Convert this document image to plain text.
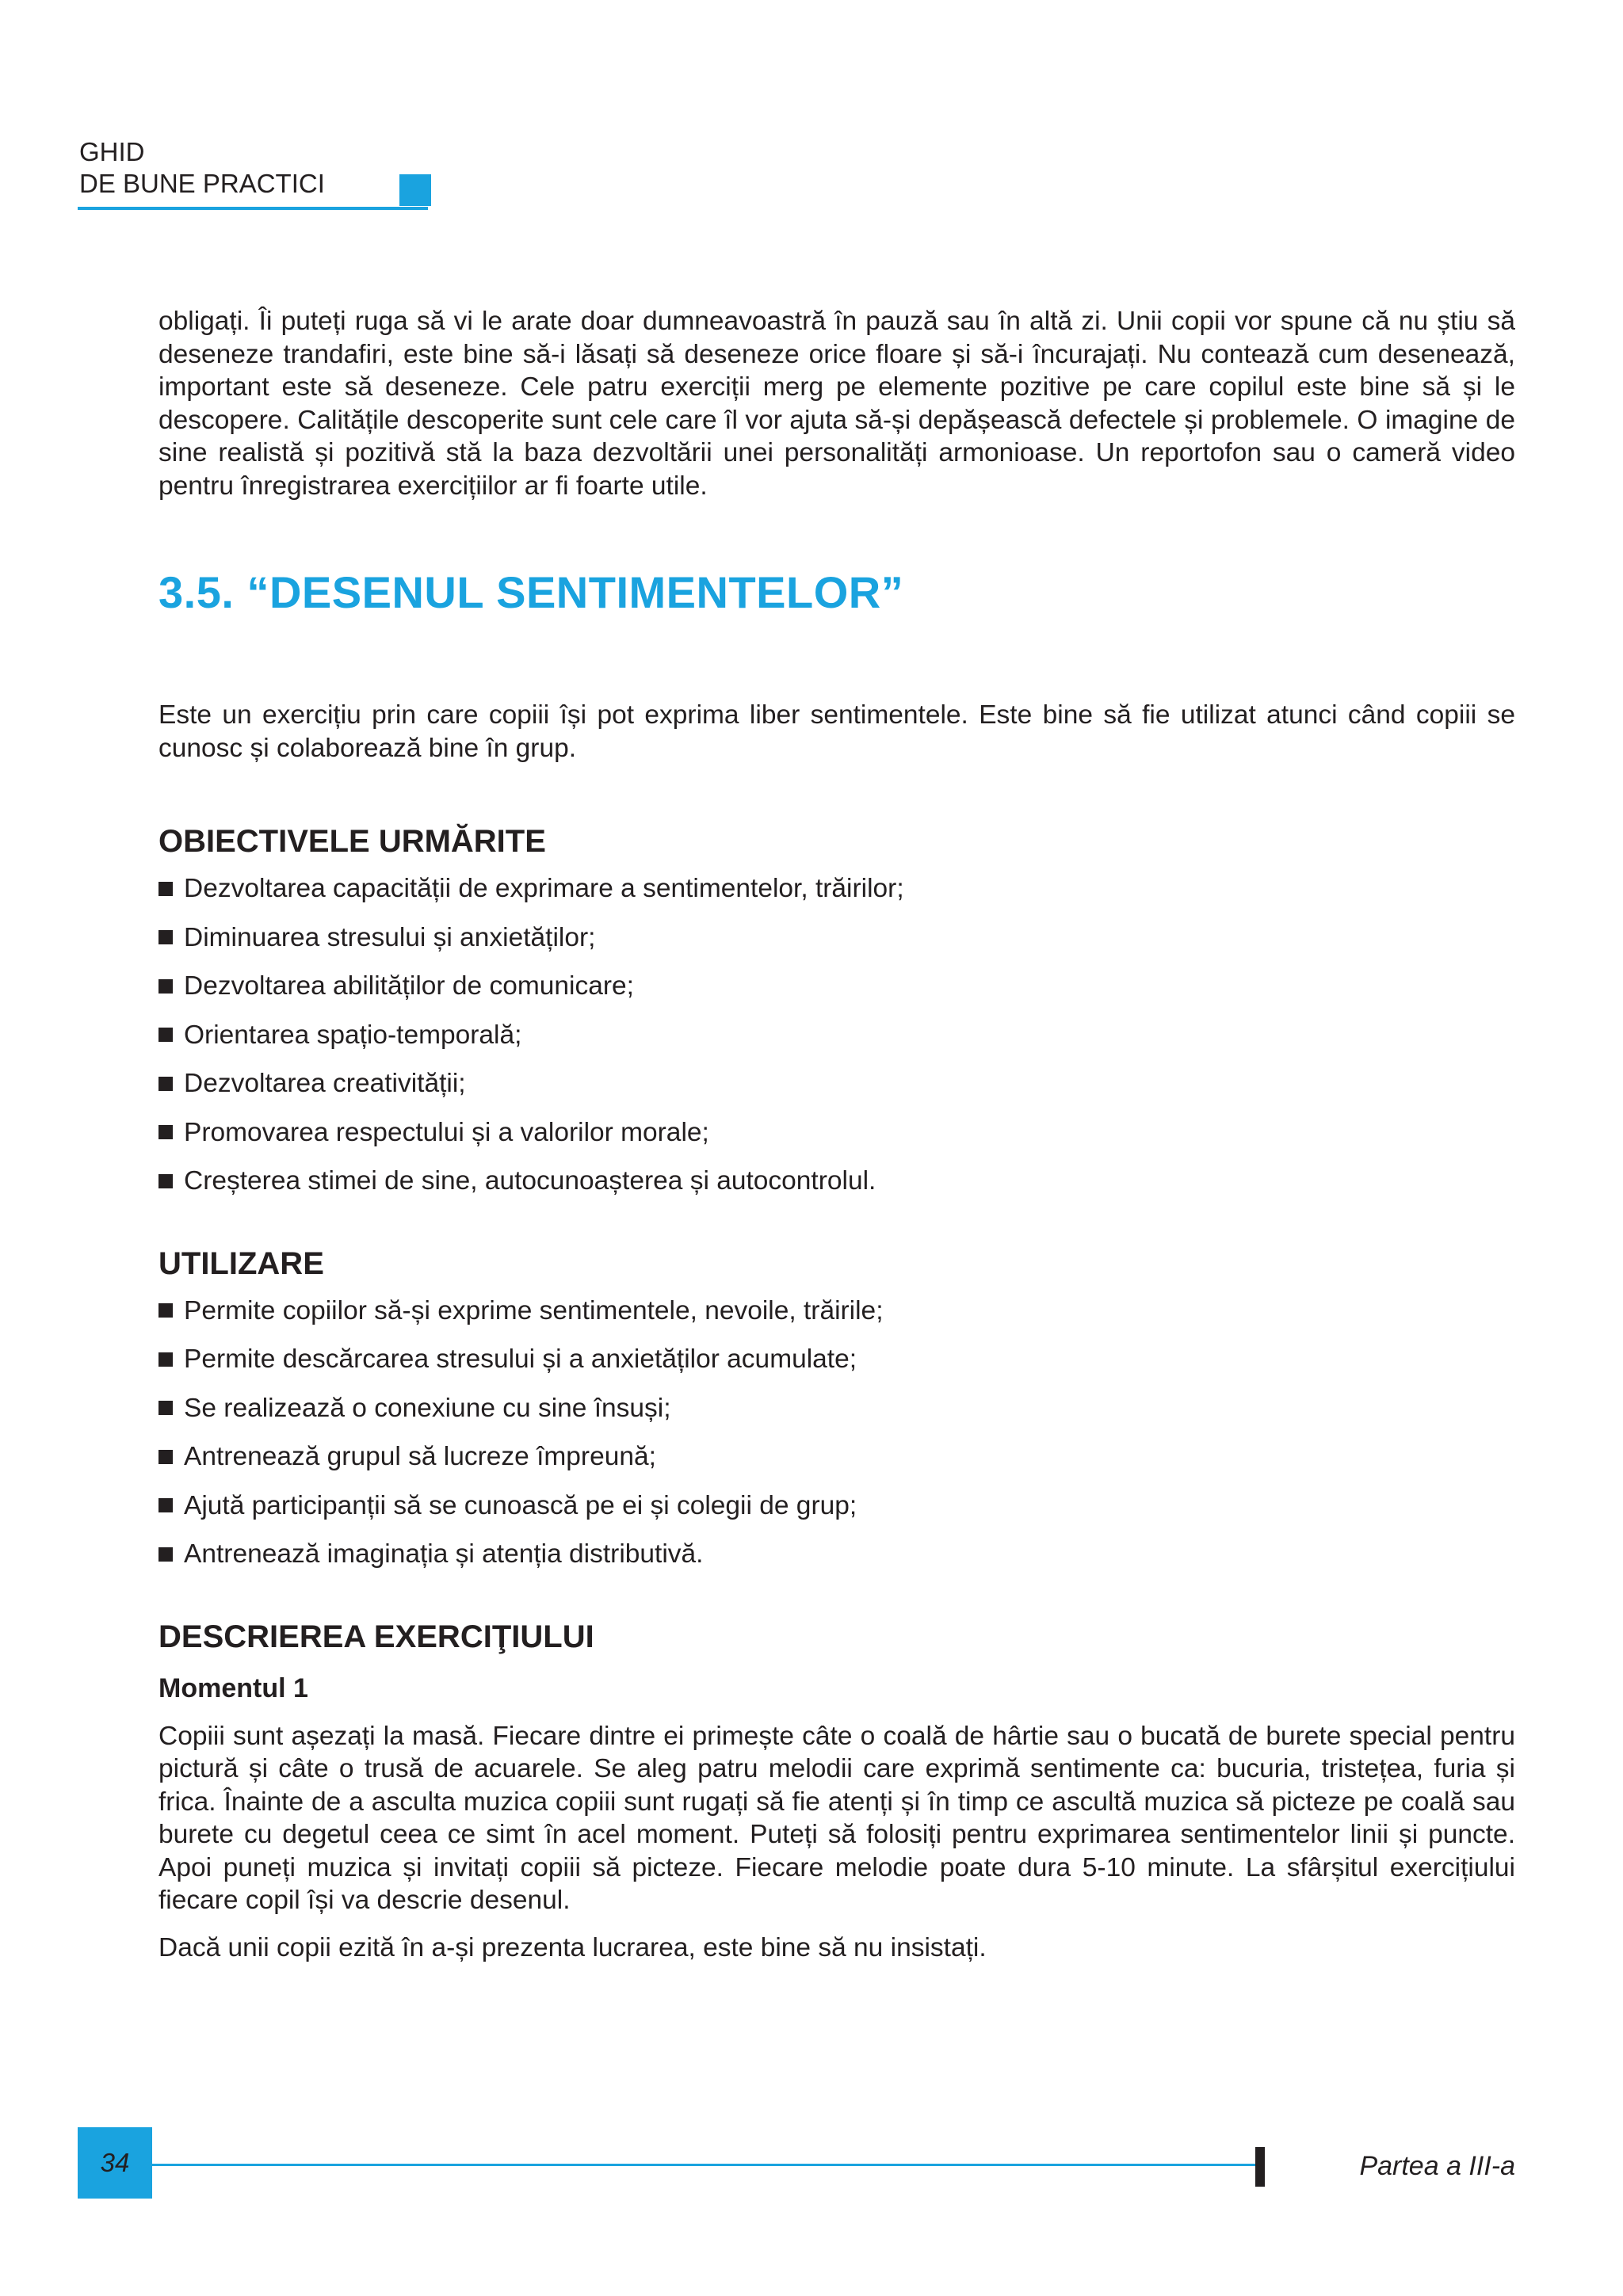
GHID
DE BUNE PRACTICI

obligați. Îi puteți ruga să vi le arate doar dumneavoastră în pauză sau în altă zi. Unii copii vor spune că nu știu să deseneze trandafiri, este bine să-i lăsați să deseneze orice floare și să-i încurajați. Nu contează cum desenează, important este să deseneze. Cele patru exerciții merg pe elemente pozitive pe care copilul este bine să și le descopere. Calitățile descoperite sunt cele care îl vor ajuta să-și depășească defectele și problemele. O imagine de sine realistă și pozitivă stă la baza dezvoltării unei personalități armonioase. Un reportofon sau o cameră video pentru înregistrarea exercițiilor ar fi foarte utile.

3.5. “DESENUL SENTIMENTELOR”

Este un exercițiu prin care copiii își pot exprima liber sentimentele. Este bine să fie utilizat atunci când copiii se cunosc și colaborează bine în grup.

OBIECTIVELE URMĂRITE
Dezvoltarea capacității de exprimare a sentimentelor, trăirilor;
Diminuarea stresului și anxietăților;
Dezvoltarea abilităților de comunicare;
Orientarea spațio-temporală;
Dezvoltarea creativității;
Promovarea respectului și a valorilor morale;
Creșterea stimei de sine, autocunoașterea și autocontrolul.
UTILIZARE
Permite copiilor să-și exprime sentimentele, nevoile, trăirile;
Permite descărcarea stresului și a anxietăților acumulate;
Se realizează o conexiune cu sine însuși;
Antrenează grupul să lucreze împreună;
Ajută participanții să se cunoască pe ei și colegii de grup;
Antrenează imaginația și atenția distributivă.
DESCRIEREA EXERCIŢIULUI
Momentul 1

Copiii sunt așezați la masă. Fiecare dintre ei primește câte o coală de hârtie sau o bucată de burete special pentru pictură și câte o trusă de acuarele. Se aleg patru melodii care exprimă sentimente ca: bucuria, tristețea, furia și frica. Înainte de a asculta muzica copiii sunt rugați să fie atenți și în timp ce ascultă muzica să picteze pe coală sau burete cu degetul ceea ce simt în acel moment. Puteți să folosiți pentru exprimarea sentimentelor linii și puncte. Apoi puneți muzica și invitați copiii să picteze. Fiecare melodie poate dura 5-10 minute. La sfârșitul exercițiului fiecare copil își va descrie desenul.

Dacă unii copii ezită în a-și prezenta lucrarea, este bine să nu insistați.

34	Partea a III-a
